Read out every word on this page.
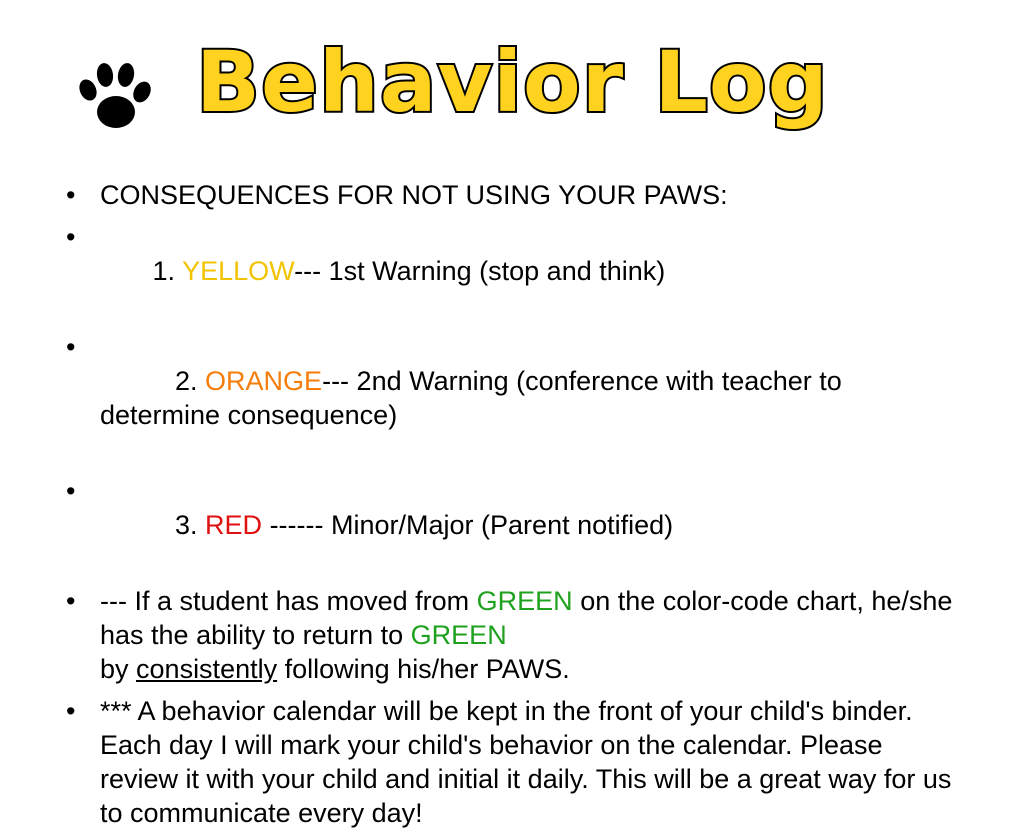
Behavior Log
• CONSEQUENCES FOR NOT USING YOUR PAWS:

•
1. YELLOW--- 1st Warning (stop and think)

•
2. ORANGE--- 2nd Warning (conference with teacher to determine consequence)

•
3. RED ------ Minor/Major (Parent notified)

• --- If a student has moved from GREEN on the color-code chart, he/she has the ability to return to GREEN
by consistently following his/her PAWS.
• *** A behavior calendar will be kept in the front of your child's binder. Each day I will mark your child's behavior on the calendar. Please review it with your child and initial it daily. This will be a great way for us to communicate every day!
